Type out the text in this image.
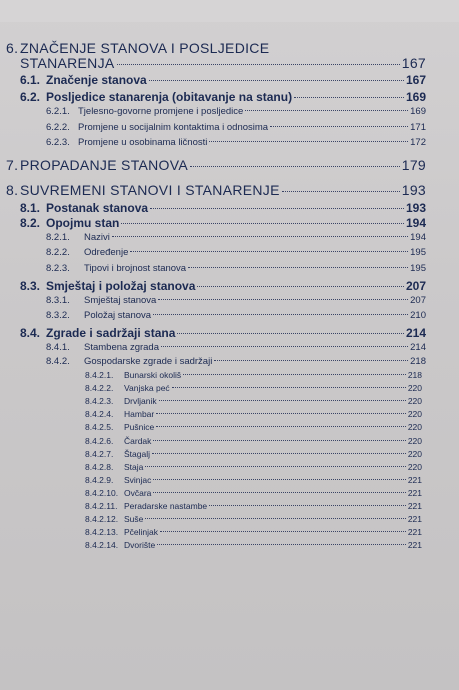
6. ZNAČENJE STANOVA I POSLJEDICE
STANARENJA	167
6.1. Značenje stanova	167
6.2. Posljedice stanarenja (obitavanje na stanu)	169
6.2.1. Tjelesno-govorne promjene i posljedice	169
6.2.2. Promjene u socijalnim kontaktima i odnosima	171
6.2.3. Promjene u osobinama ličnosti	172
7. PROPADANJE STANOVA	179
8. SUVREMENI STANOVI I STANARENJE	193
8.1. Postanak stanova	193
8.2. Opojmu stan	194
8.2.1.	Nazivi	194
8.2.2.	Određenje	195
8.2.3.	Tipovi i brojnost stanova	195
8.3. Smještaj i položaj stanova	207
8.3.1.	Smještaj stanova	207
8.3.2.	Položaj stanova	210
8.4. Zgrade i sadržaji stana	214
8.4.1.	Stambena zgrada	214
8.4.2.	Gospodarske zgrade i sadržaji	218
8.4.2.1.	Bunarski okoliš	218
8.4.2.2.	Vanjska peć	220
8.4.2.3.	Drvljanik	220
8.4.2.4.	Hambar	220
8.4.2.5.	Pušnice	220
8.4.2.6.	Čardak	220
8.4.2.7.	Štagalj	220
8.4.2.8.	Staja	220
8.4.2.9.	Svinjac	221
8.4.2.10. Ovčara	221
8.4.2.11. Peradarske nastambe	221
8.4.2.12. Suše	221
8.4.2.13. Pčelinjak	221
8.4.2.14. Dvorište	221
